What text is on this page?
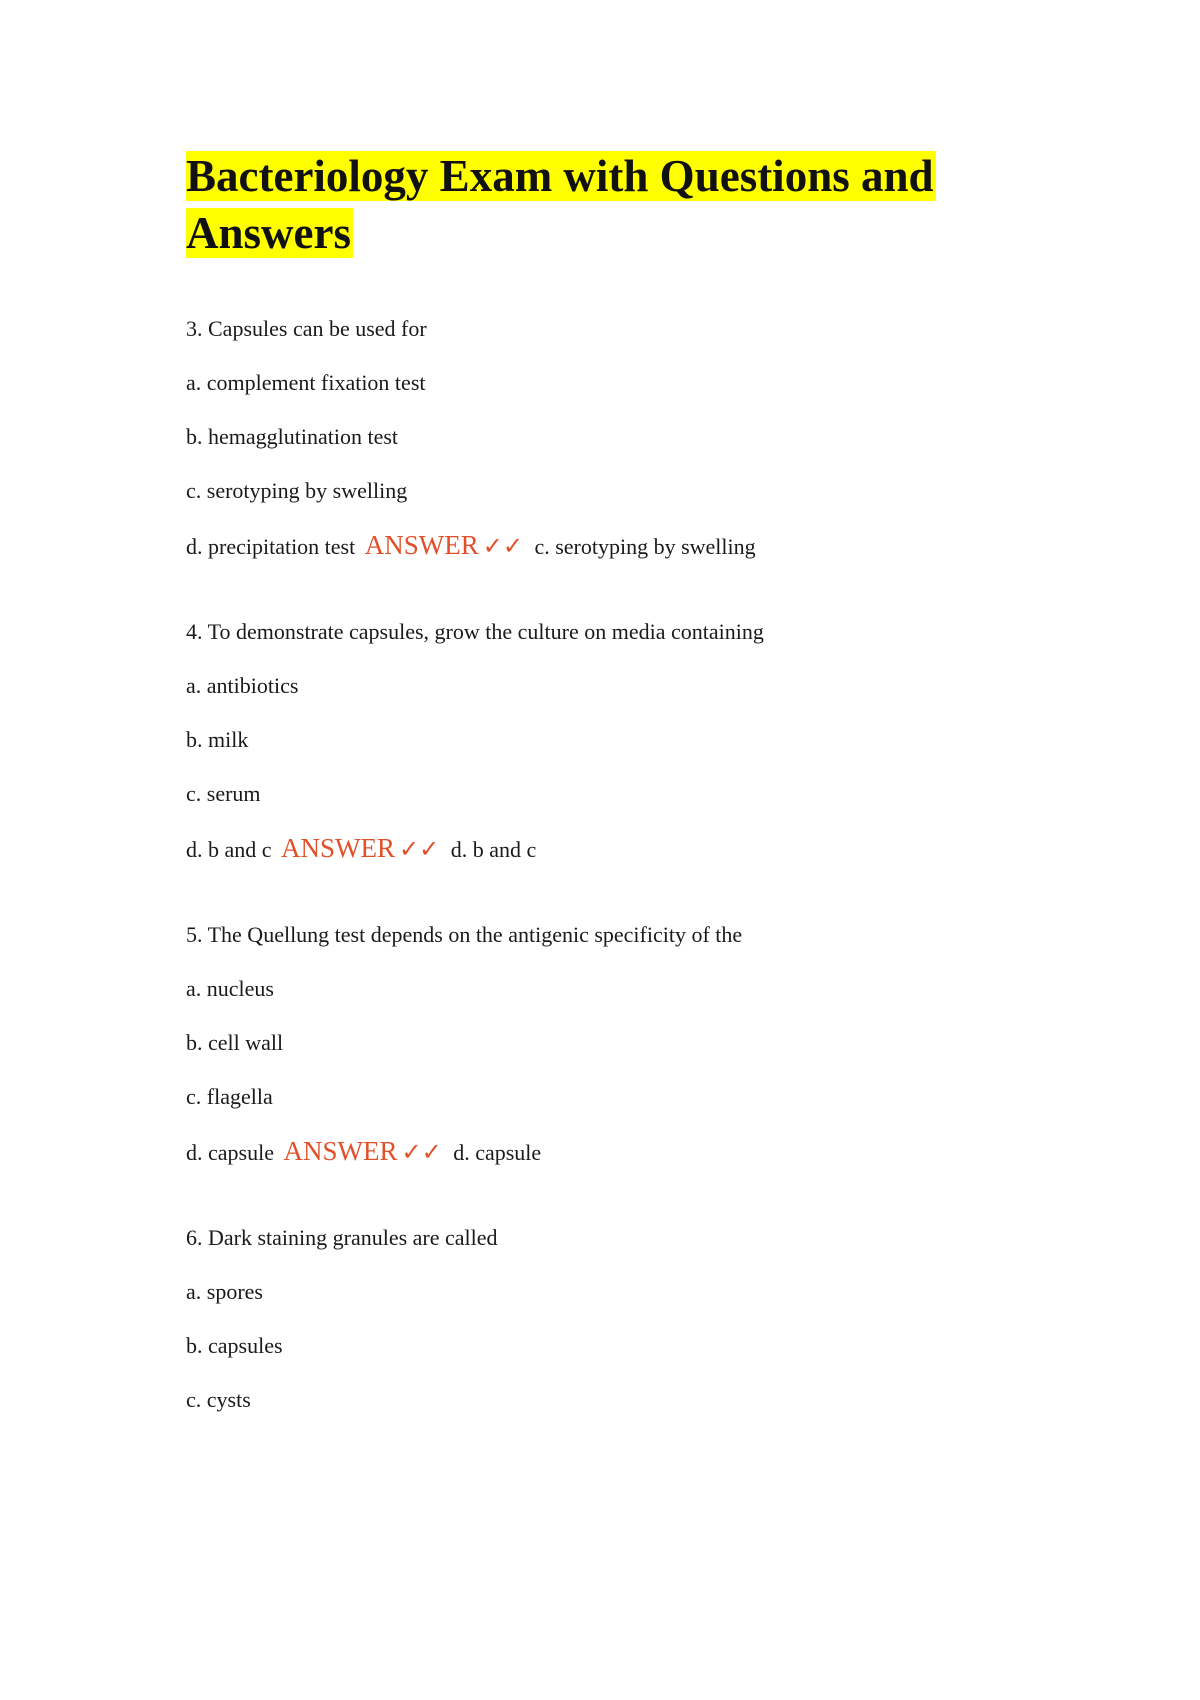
Bacteriology Exam with Questions and Answers
3. Capsules can be used for
a. complement fixation test
b. hemagglutination test
c. serotyping by swelling
d. precipitation test ANSWER ✓✓ c. serotyping by swelling
4. To demonstrate capsules, grow the culture on media containing
a. antibiotics
b. milk
c. serum
d. b and c ANSWER ✓✓ d. b and c
5. The Quellung test depends on the antigenic specificity of the
a. nucleus
b. cell wall
c. flagella
d. capsule ANSWER ✓✓ d. capsule
6. Dark staining granules are called
a. spores
b. capsules
c. cysts
